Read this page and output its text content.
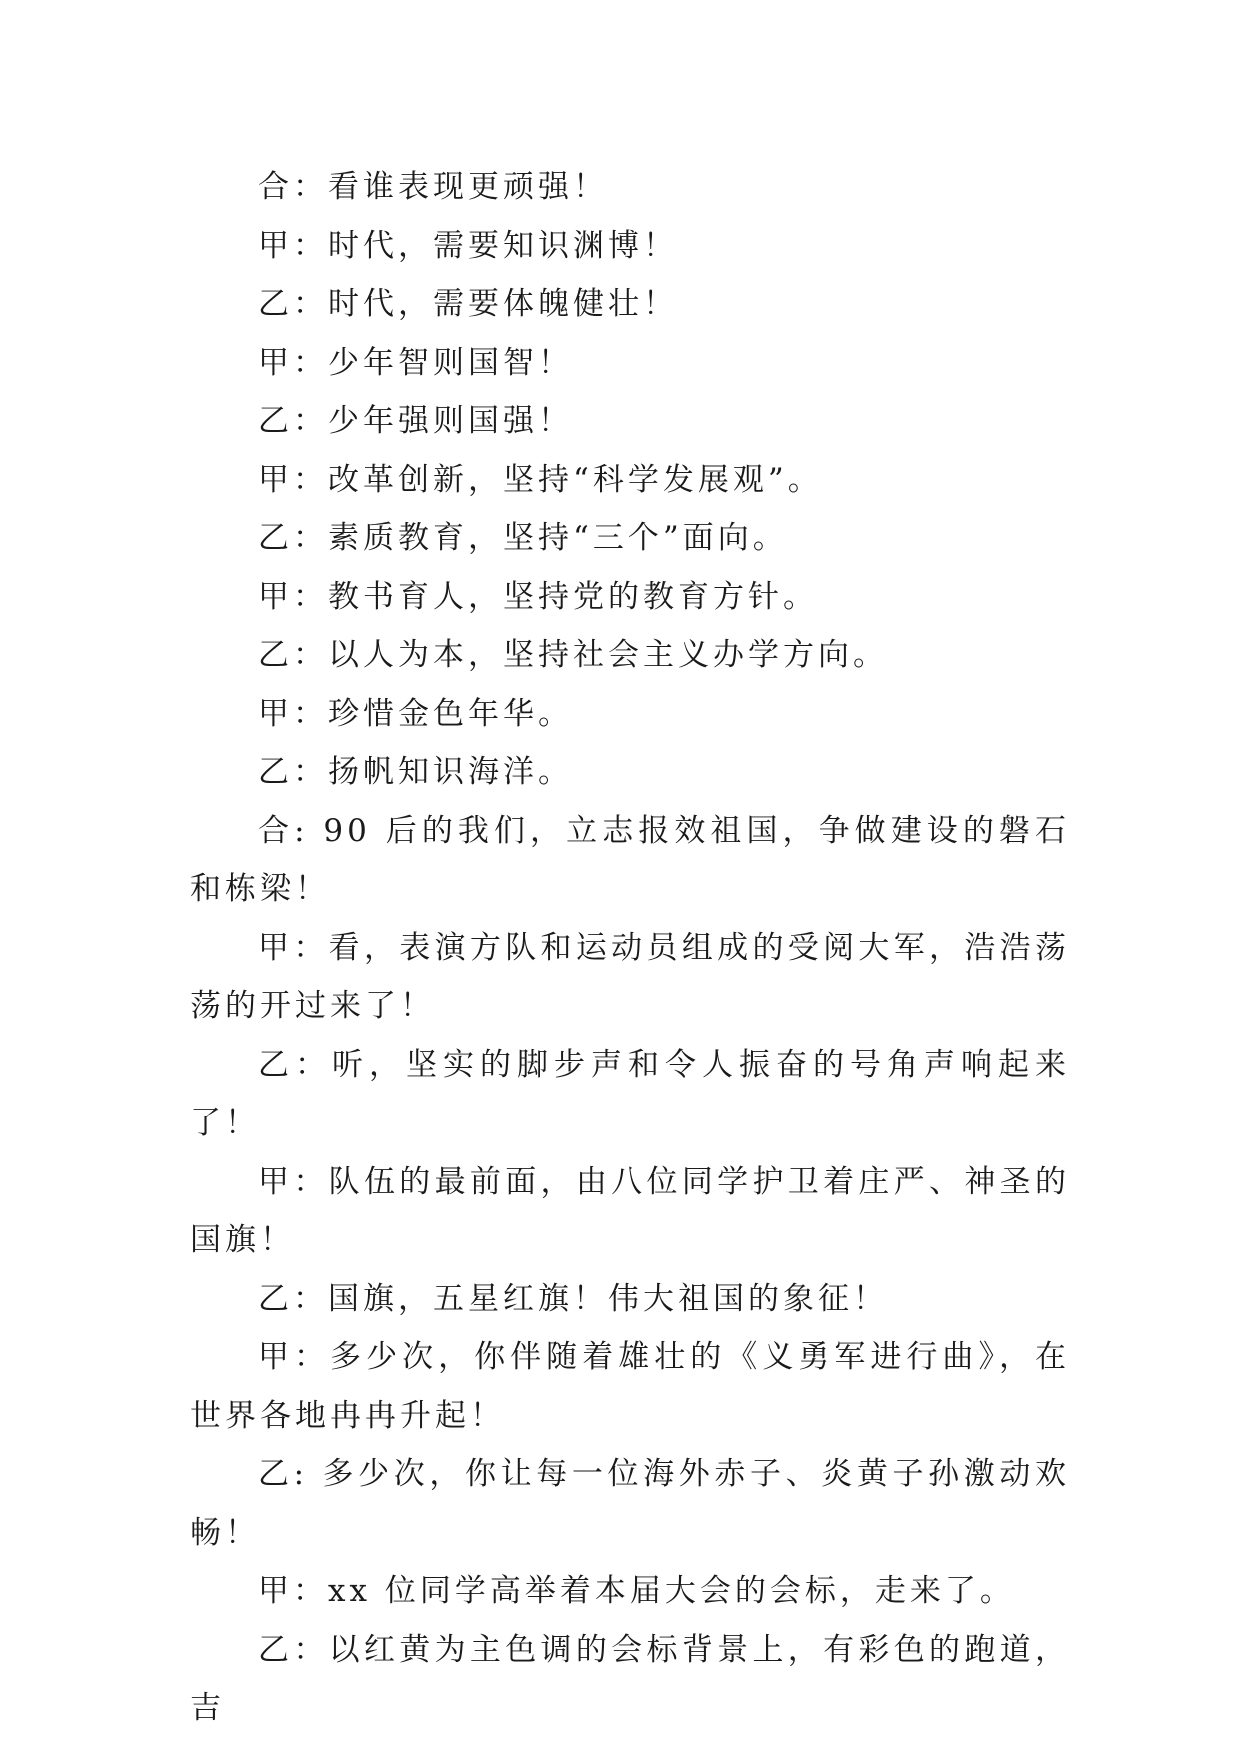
合：看谁表现更顽强！

甲：时代，需要知识渊博！

乙：时代，需要体魄健壮！

甲：少年智则国智！

乙：少年强则国强！

甲：改革创新，坚持“科学发展观”。

乙：素质教育，坚持“三个”面向。

甲：教书育人，坚持党的教育方针。

乙：以人为本，坚持社会主义办学方向。

甲：珍惜金色年华。

乙：扬帆知识海洋。

合: 90 后的我们，立志报效祖国，争做建设的磐石和栋梁！

甲：看，表演方队和运动员组成的受阅大军，浩浩荡荡的开过来了！

乙：听，坚实的脚步声和令人振奋的号角声响起来了！

甲：队伍的最前面，由八位同学护卫着庄严、神圣的国旗！

乙：国旗，五星红旗！伟大祖国的象征！

甲：多少次，你伴随着雄壮的《义勇军进行曲》，在世界各地冉冉升起！

乙: 多少次，你让每一位海外赤子、炎黄子孙激动欢畅！

甲：xx 位同学高举着本届大会的会标，走来了。

乙：以红黄为主色调的会标背景上，有彩色的跑道，吉
